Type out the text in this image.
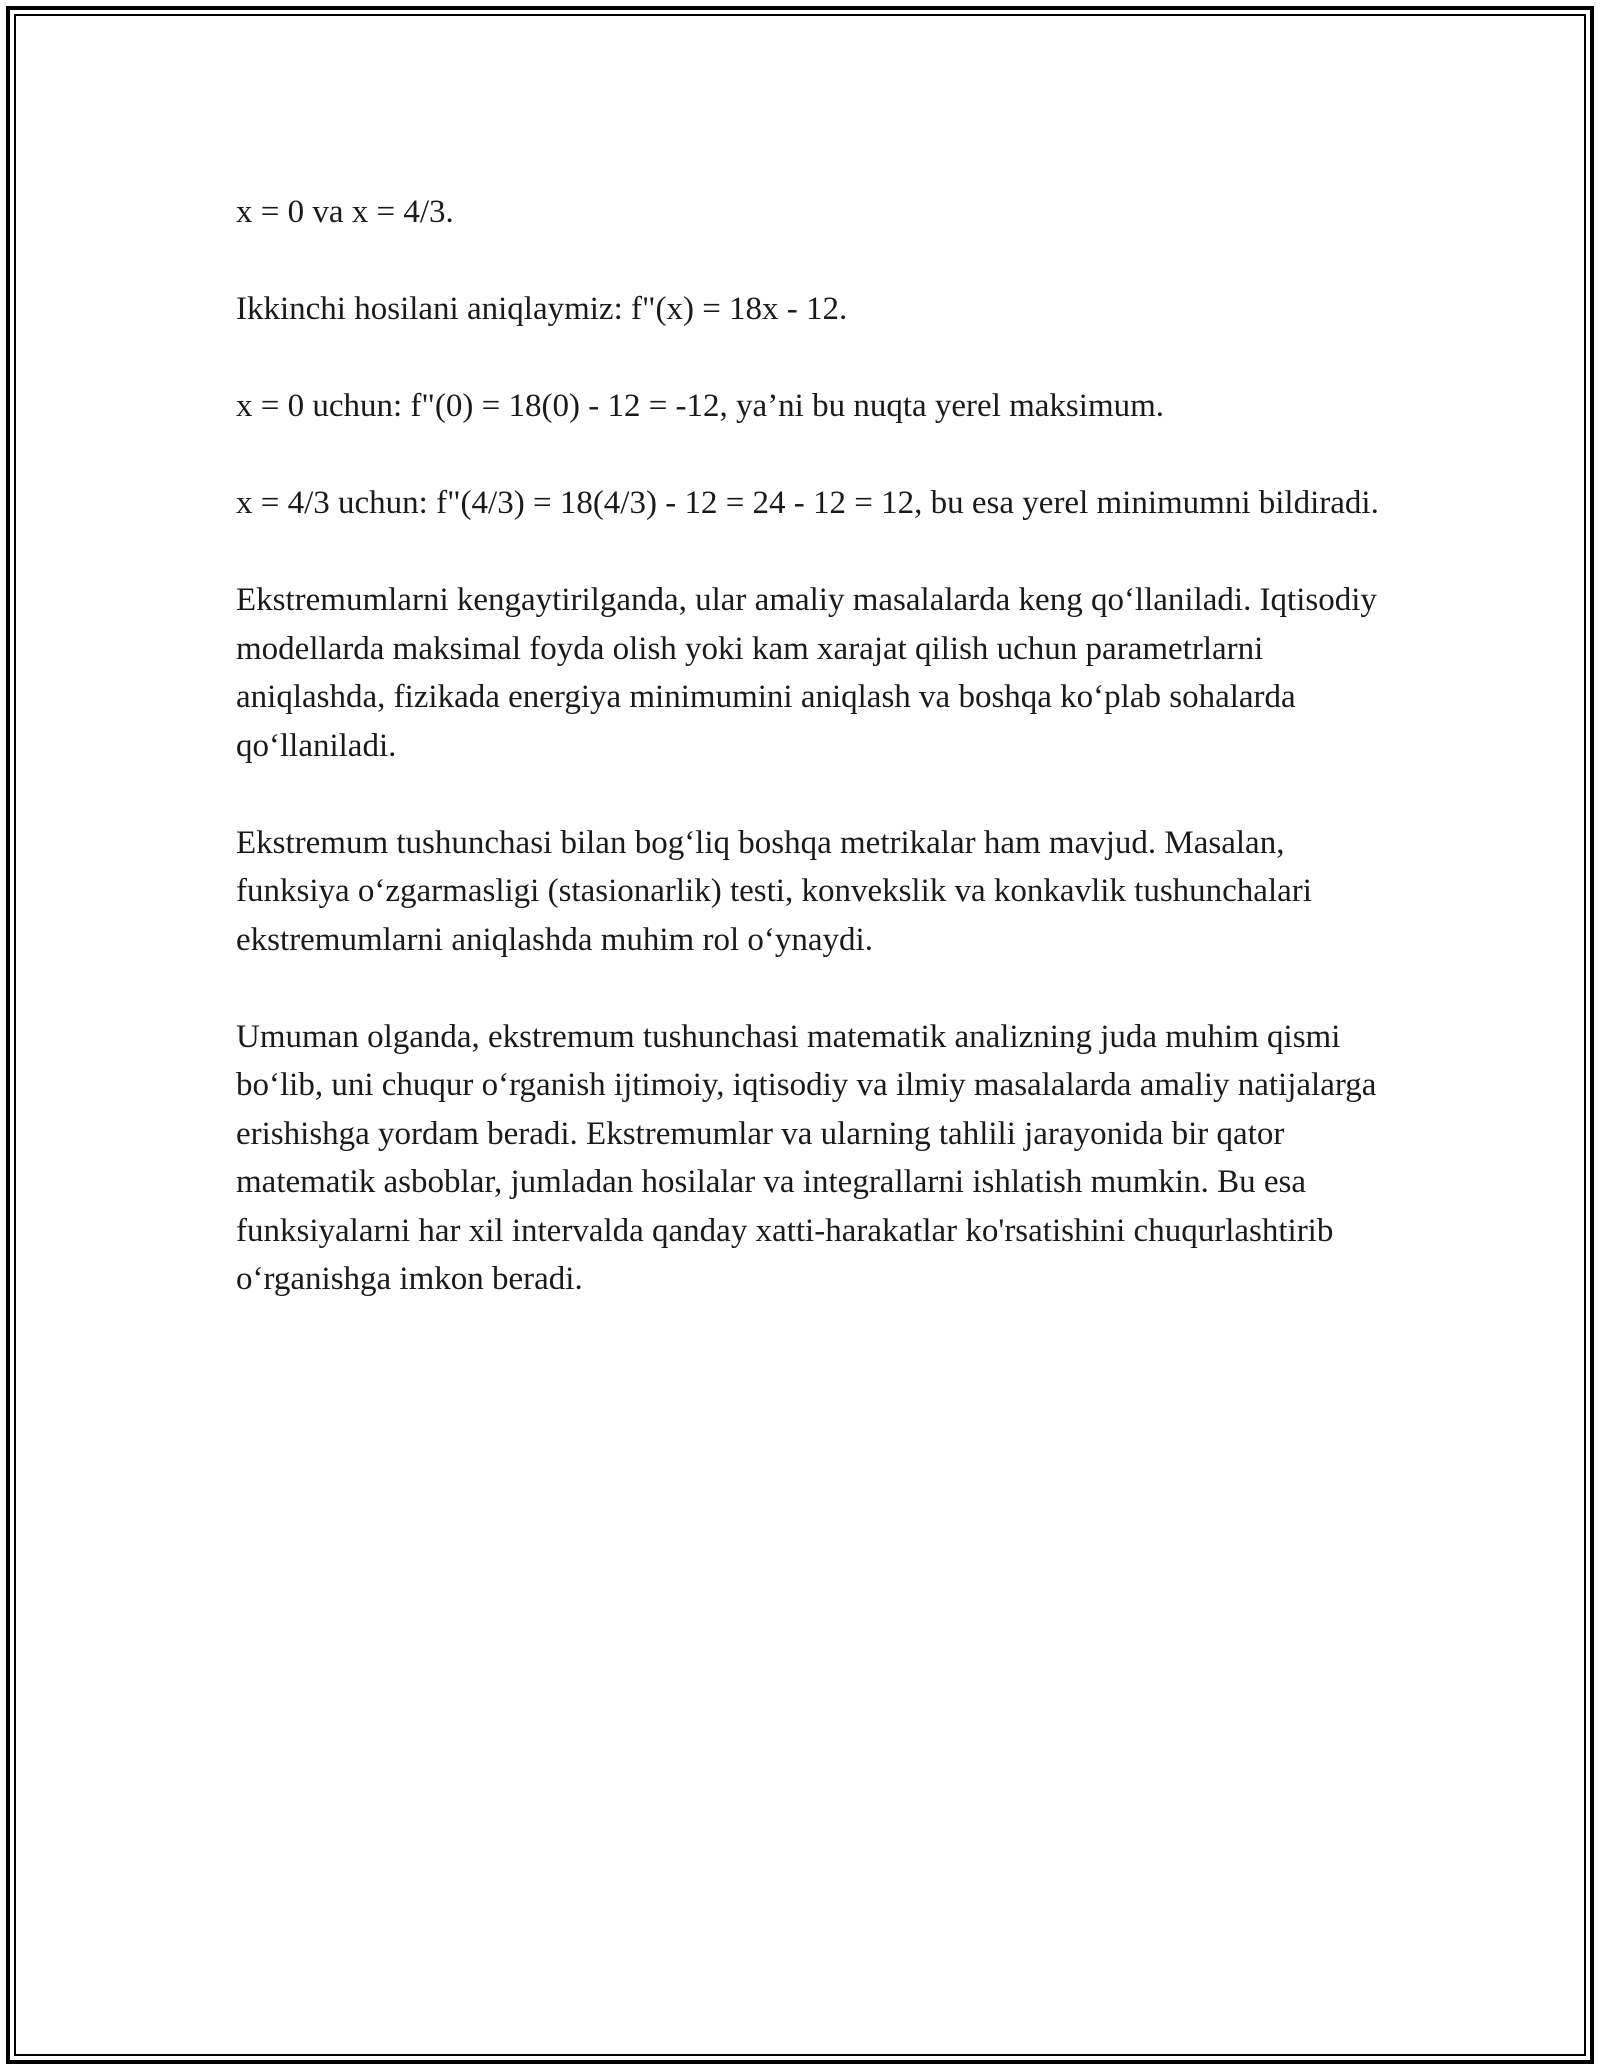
x = 0 va x = 4/3.

Ikkinchi hosilani aniqlaymiz: f"(x) = 18x - 12.

x = 0 uchun: f"(0) = 18(0) - 12 = -12, ya’ni bu nuqta yerel maksimum.

x = 4/3 uchun: f"(4/3) = 18(4/3) - 12 = 24 - 12 = 12, bu esa yerel minimumni bildiradi.

Ekstremumlarni kengaytirilganda, ular amaliy masalalarda keng qo‘llaniladi. Iqtisodiy modellarda maksimal foyda olish yoki kam xarajat qilish uchun parametrlarni aniqlashda, fizikada energiya minimumini aniqlash va boshqa ko‘plab sohalarda qo‘llaniladi.

Ekstremum tushunchasi bilan bog‘liq boshqa metrikalar ham mavjud. Masalan, funksiya o‘zgarmasligi (stasionarlik) testi, konvekslik va konkavlik tushunchalari ekstremumlarni aniqlashda muhim rol o‘ynaydi.

Umuman olganda, ekstremum tushunchasi matematik analizning juda muhim qismi bo‘lib, uni chuqur o‘rganish ijtimoiy, iqtisodiy va ilmiy masalalarda amaliy natijalarga erishishga yordam beradi. Ekstremumlar va ularning tahlili jarayonida bir qator matematik asboblar, jumladan hosilalar va integrallarni ishlatish mumkin. Bu esa funksiyalarni har xil intervalda qanday xatti-harakatlar ko'rsatishini chuqurlashtirib o‘rganishga imkon beradi.
